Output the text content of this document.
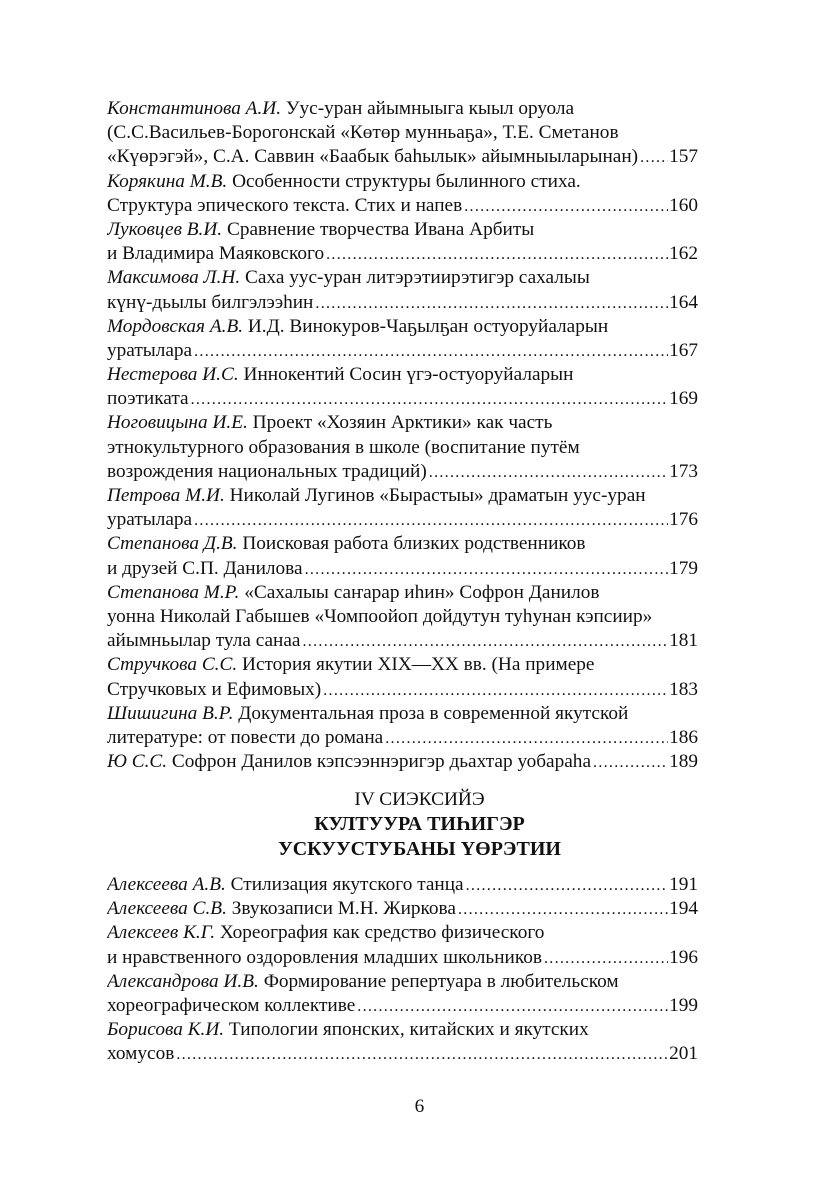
Константинова А.И. Уус-уран айымныыга кыыл оруола
(С.С.Васильев-Борогонскай «Көтөр мунньаҕа», Т.Е. Сметанов
«Күөрэгэй», С.А. Саввин «Баабык баһылык» айымныыларынан) ..... 157
Корякина М.В. Особенности структуры былинного стиха.
Структура эпического текста. Стих и напев .....	160
Луковцев В.И. Сравнение творчества Ивана Арбиты
и Владимира Маяковского .....	162
Максимова Л.Н. Саха уус-уран литэрэтиирэтигэр сахалыы
күнү-дьылы билгэлээһин .....	164
Мордовская А.В. И.Д. Винокуров-Чаҕылҕан остуоруйаларын
уратылара .....	167
Нестерова И.С. Иннокентий Сосин үгэ-остуоруйаларын
поэтиката .....	169
Ноговицына И.Е. Проект «Хозяин Арктики» как часть
этнокультурного образования в школе (воспитание путём
возрождения национальных традиций) .....	173
Петрова М.И. Николай Лугинов «Бырастыы» драматын уус-уран
уратылара .....	176
Степанова Д.В. Поисковая работа близких родственников
и друзей С.П. Данилова .....	179
Степанова М.Р. «Сахалыы саҥарар иһин» Софрон Данилов
уонна Николай Габышев «Чомпоойоп дойдутун туһунан кэпсиир»
айымньылар тула санаа .....	181
Стручкова С.С. История якутии XIX—XX вв. (На примере
Стручковых и Ефимовых) .....	183
Шишигина В.Р. Документальная проза в современной якутской
литературе: от повести до романа .....	186
Ю С.С. Софрон Данилов кэпсээннэригэр дьахтар уобараһа .....	189
IV СИЭКСИЙЭ
КУЛТУУРА ТИҺИГЭР
УСКУУСТУБАНЫ ҮӨРЭТИИ
Алексеева А.В. Стилизация якутского танца .....	191
Алексеева С.В. Звукозаписи М.Н. Жиркова .....	194
Алексеев К.Г. Хореография как средство физического
и нравственного оздоровления младших школьников .....	196
Александрова И.В. Формирование репертуара в любительском
хореографическом коллективе .....	199
Борисова К.И. Типологии японских, китайских и якутских
хомусов .....	201
6
